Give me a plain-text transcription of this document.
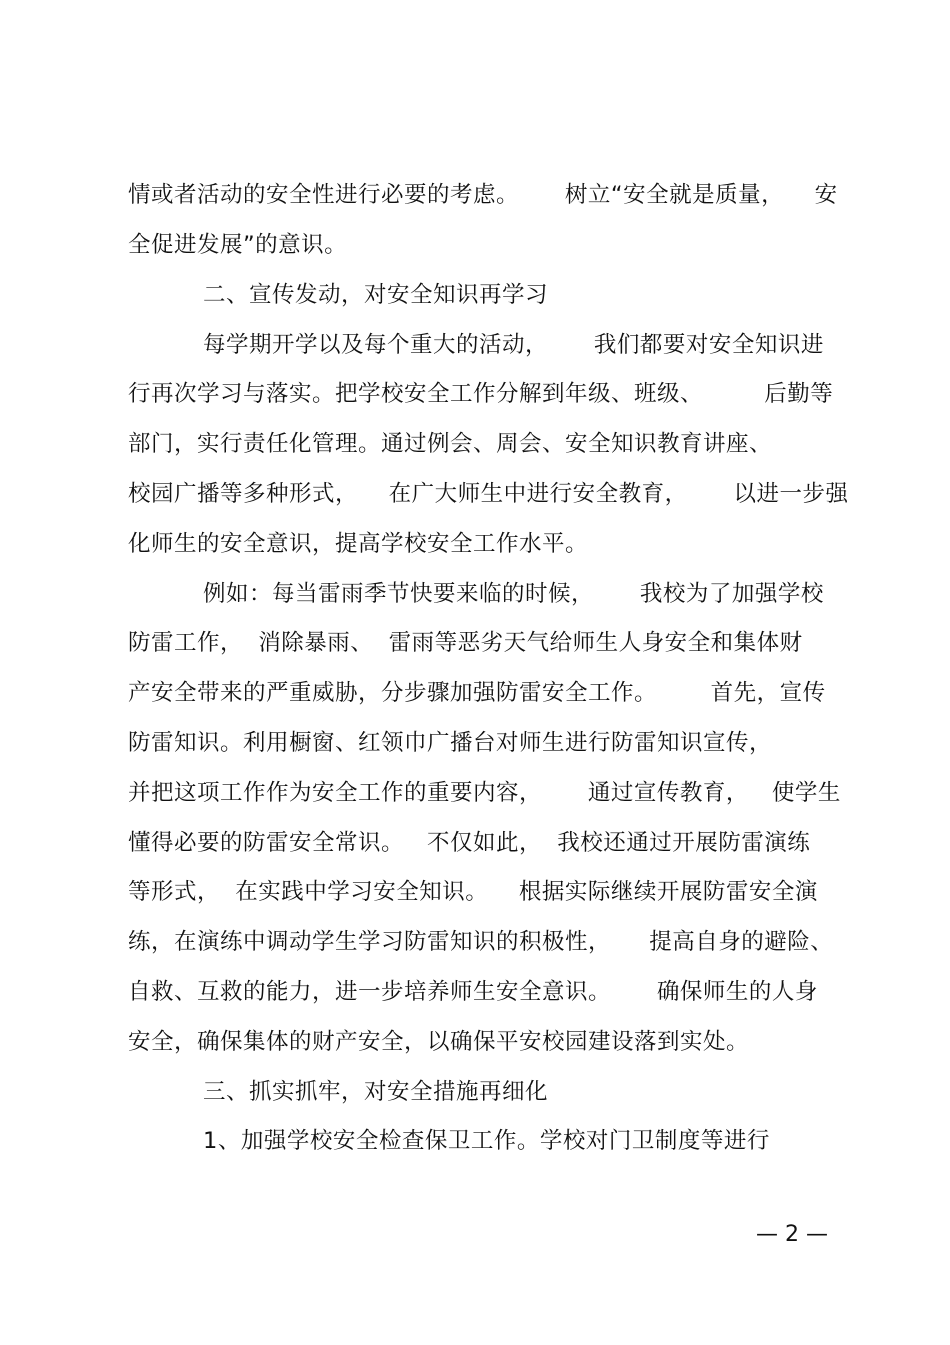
情或者活动的安全性进行必要的考虑。      树立“安全就是质量，    安
全促进发展”的意识。
二、宣传发动，对安全知识再学习
每学期开学以及每个重大的活动，      我们都要对安全知识进
行再次学习与落实。把学校安全工作分解到年级、班级、        后勤等
部门，实行责任化管理。通过例会、周会、安全知识教育讲座、
校园广播等多种形式，    在广大师生中进行安全教育，      以进一步强
化师生的安全意识，提高学校安全工作水平。
例如：每当雷雨季节快要来临的时候，      我校为了加强学校
防雷工作，  消除暴雨、  雷雨等恶劣天气给师生人身安全和集体财
产安全带来的严重威胁，分步骤加强防雷安全工作。       首先，宣传
防雷知识。利用橱窗、红领巾广播台对师生进行防雷知识宣传，
并把这项工作作为安全工作的重要内容，      通过宣传教育，   使学生
懂得必要的防雷安全常识。   不仅如此，  我校还通过开展防雷演练
等形式，  在实践中学习安全知识。    根据实际继续开展防雷安全演
练，在演练中调动学生学习防雷知识的积极性，     提高自身的避险、
自救、互救的能力，进一步培养师生安全意识。      确保师生的人身
安全，确保集体的财产安全，以确保平安校园建设落到实处。
三、抓实抓牢，对安全措施再细化
1、加强学校安全检查保卫工作。学校对门卫制度等进行
— 2 —
